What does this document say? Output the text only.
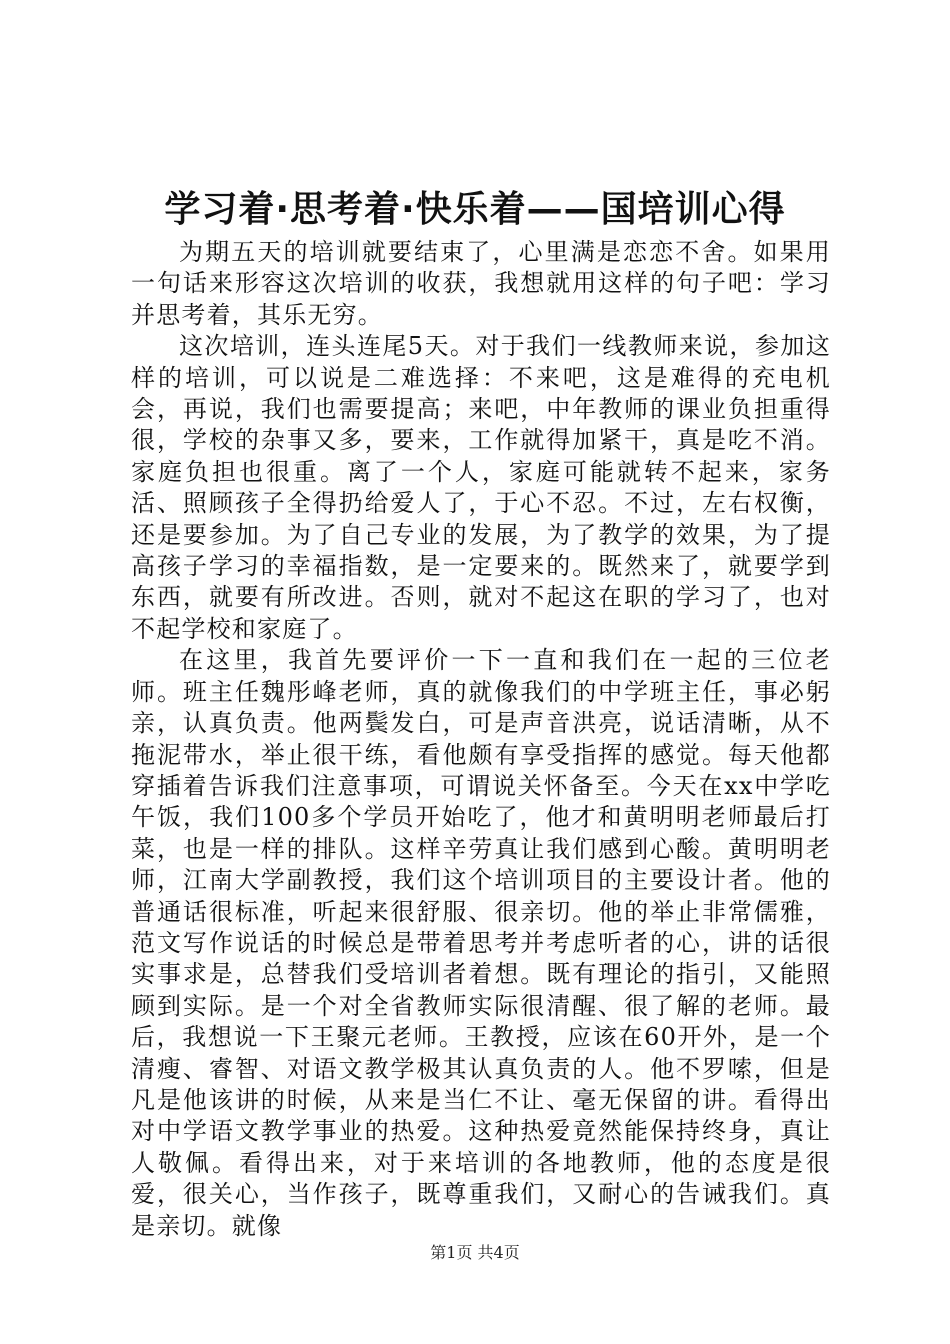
学习着·思考着·快乐着——国培训心得

为期五天的培训就要结束了，心里满是恋恋不舍。如果用一句话来形容这次培训的收获，我想就用这样的句子吧：学习并思考着，其乐无穷。

这次培训，连头连尾5天。对于我们一线教师来说，参加这样的培训，可以说是二难选择：不来吧，这是难得的充电机会，再说，我们也需要提高；来吧，中年教师的课业负担重得很，学校的杂事又多，要来，工作就得加紧干，真是吃不消。家庭负担也很重。离了一个人，家庭可能就转不起来，家务活、照顾孩子全得扔给爱人了，于心不忍。不过，左右权衡，还是要参加。为了自己专业的发展，为了教学的效果，为了提高孩子学习的幸福指数，是一定要来的。既然来了，就要学到东西，就要有所改进。否则，就对不起这在职的学习了，也对不起学校和家庭了。

在这里，我首先要评价一下一直和我们在一起的三位老师。班主任魏彤峰老师，真的就像我们的中学班主任，事必躬亲，认真负责。他两鬓发白，可是声音洪亮，说话清晰，从不拖泥带水，举止很干练，看他颇有享受指挥的感觉。每天他都穿插着告诉我们注意事项，可谓说关怀备至。今天在xx中学吃午饭，我们100多个学员开始吃了，他才和黄明明老师最后打菜，也是一样的排队。这样辛劳真让我们感到心酸。黄明明老师，江南大学副教授，我们这个培训项目的主要设计者。他的普通话很标准，听起来很舒服、很亲切。他的举止非常儒雅，范文写作说话的时候总是带着思考并考虑听者的心，讲的话很实事求是，总替我们受培训者着想。既有理论的指引，又能照顾到实际。是一个对全省教师实际很清醒、很了解的老师。最后，我想说一下王聚元老师。王教授，应该在60开外，是一个清瘦、睿智、对语文教学极其认真负责的人。他不罗嗦，但是凡是他该讲的时候，从来是当仁不让、毫无保留的讲。看得出对中学语文教学事业的热爱。这种热爱竟然能保持终身，真让人敬佩。看得出来，对于来培训的各地教师，他的态度是很爱，很关心，当作孩子，既尊重我们，又耐心的告诫我们。真是亲切。就像

第1页 共4页
